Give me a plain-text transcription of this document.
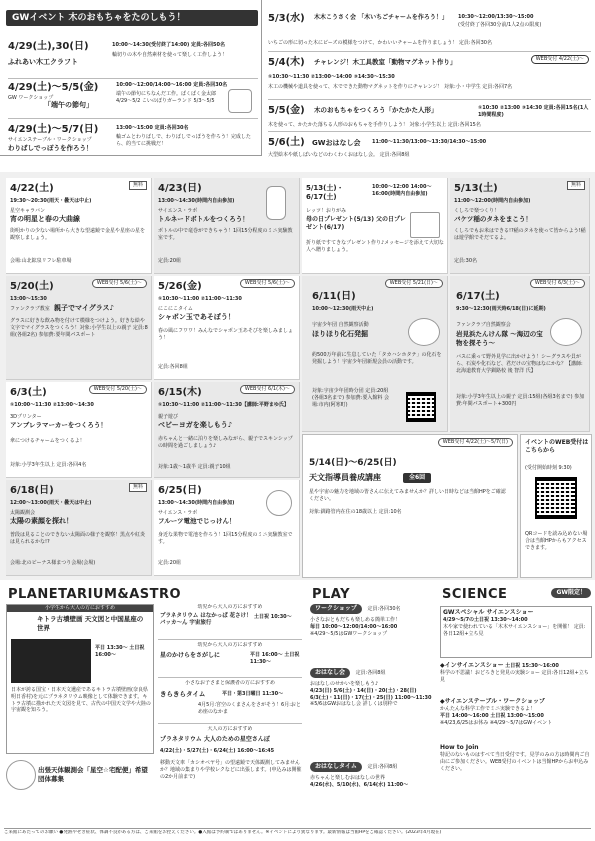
GWイベント 木のおもちゃをたのしもう！
4/29(土),30(日)
ふれあい木工クラフト
10:00～14:30(受付終了14:00) 定員:各回50名
輪切りの木や自然素材を使って楽しく工作しよう！
4/29(土)～5/5(金)
GW ワークショップ
「端午の節句」
10:00～12:00/14:00～16:00 定員:各回30名
端午の節句にちなんだ工作。ぱくぱく金太郎 4/29～5/2 こいのぼりガーランド 5/3～5/5
4/29(土)～5/7(日)
サイエンステーブル・ワークショップ
わりばしでっぽうを作ろう！
13:00～15:00 定員:各回30名
輪ゴムとわりばしで、わりばしでっぽうを作ろう！完成したら、的当てに挑戦だ！
5/3(水) 木木こうさく会 「木いちごチャームを作ろう！」	10:30～12:00/13:30～15:00
(受付終了各回30分前/1人2点の限度)
いちごの形に切った木にビーズの模様をつけて、かわいいチャームを作りましょう！ 定員:各回30名
5/4(木) チャレンジ！木工具教室「動物マグネット作り」	WEB受付 4/22(土)～
①10:30～11:30 ②13:00～14:00 ③14:30～15:30
木工の機械や道具を使って、木でできた動物マグネットを作りにチャレンジ！ 対象:小・中学生 定員:各回7名
5/5(金) 木のおもちゃをつくろう「かたかた人形」	①10:30 ②13:00 ③14:30 定員:各回15名(1人1時間程度)
木を使って、かたかた落ちる人形のおもちゃを手作りしよう！ 対象:小学生以上 定員:各回15名
5/6(土) GWおはなし会	11:00～11:30/13:00～13:30/14:30～15:00
大型絵本や紙しばいなどのわくわくおはなし会。 定員:各回8組
無料
4/22(土)
19:30～20:30(雨天・曇天は中止)
星空キャラバン
宵の明星と春の大曲線
街明かりの少ない場所から大きな望遠鏡で金星や星座の星を観察しましょう。
会場:山北鉱泉リフレ駐車場
4/23(日)
13:00～14:30(時間内自由参加)
サイエンス・ラボ
トルネードボトルをつくろう！
ボトルの中で竜巻ができちゃう！1回15分程度のミニ実験教室です。
定員:20組
5/13(土)・6/17(土)
10:00～12:00 14:00～16:00(時間内自由参加)
レッツ！おりがみ
母の日プレゼント(5/13) 父の日プレゼント(6/17)
折り紙ですてきなプレゼント作り♪メッセージを添えて大切な人へ贈りましょう。
無料
5/13(土)
11:00～12:00(時間内自由参加)
くしろで楽つくり！
バケツ稲のタネをまこう！
くしろでもお米はできる!?稲のタネを使って皆からよう!稲は遊学館でそだてるよ。
定員:30名
WEB受付 5/6(土)～
5/20(土)
13:00～15:30
ファンクラブ教室 親子でマイグラス♪
グラスに好きな飲み物を付けて模様をつけよう。好きな絵や文字でマイグラスをつくろう！対象:小学生以上の親子 定員:8組(各組2名) 参加費:要年間パスポート
WEB受付 5/6(土)～
5/26(金)
①10:30～11:00 ②11:00～11:30
にこにこタイム
シャボン玉であそぼう！
春の風にフワワ！みんなでシャボン玉あそびを楽しみましょう！
定員:各回8組
WEB受付 5/21(日)～
6/11(日)
10:00～12:30(雨天中止)
宇宙少年団 自然観察活動
ほりほり化石発掘
約500万年前に生息していた「タカハシホタテ」の化石を発掘しよう！宇宙少年団新規会員の活動です。
対象:宇宙少年団時分団 定員:20組(各組3名まで) 参加費:要入館料 会場:市内(阿寒町)
WEB受付 6/3(土)～
6/17(土)
9:30～12:30(雨天時6/18(日)に延期)
ファンクラブ自然観察会
岩見浜たんけん隊 ～海辺の宝物を探そう～
バスに乗って野外見学に出かけよう！シーグラスや貝がら、石炭や化石など、君だけの宝物はなにかな？【講師:北海道教育大学釧路校 後 智洋 氏】
対象:小学3年生以上の親子 定員:15組(各組3名まで) 参加費:年間パスポート+300円
WEB受付 5/20(土)～
6/3(土)
①10:00～11:30 ②13:00～14:30
3Dプリンター
アンブレラマーカーをつくろう！
傘につけるチャームをつくるよ！
対象:小学3年生以上 定員:各回4名
WEB受付 6/1(木)～
6/15(木)
①10:30～11:00 ②11:00～11:30【講師:平野まゆ氏】
親子遊び
ベビーヨガを楽しもう♪
赤ちゃんと一緒に泊りを楽しみながら、親子でスキンシップの時間を過ごしましょう♪
対象:1歳～1歳半 定員:親子10組
無料
6/18(日)
12:00～13:00(雨天・曇天は中止)
太陽観測会
太陽の素顔を探れ！
普段は見ることのできない太陽面の様子を観察！黒点や紅炎は見られるかな!?
会場:北のビーナス様まつり会場(会場)
6/25(日)
13:00～14:30(時間内自由参加)
サイエンス・ラボ
フルーツ電池でじっけん！
身近な果物で電池を作ろう！1回15分程度のミニ実験教室です。
定員:20組
WEB受付 4/22(土)～5/7(日)
5/14(日)～6/25(日)
天文指導員養成講座	全6回
星や宇宙の魅力を地域の皆さんに伝えてみませんか？詳しい日時などは当館HPをご確認ください。
対象:釧路管内在住の18歳以上 定員:10名
イベントのWEB受付はこちらから
(受付開始時刻 9:30)
QRコードを読み込めない場合は当館HPからもアクセスできます。
PLANETARIUM&ASTRO
小学生から大人の方におすすめ
キトラ古墳壁画 天文図と中国星座の世界
平日 13:30～ 土日祝 16:00～
日本が誇る国宝・日本天文遺産であるキトラ古墳壁画(奈良県明日香村)を元にプラネタリウム映像として体験できます。キトラ古墳に描かれた天文図を見て、古代の中国天文学や大陸の宇宙観を知ろう。
出張天体観測会「星空☆宅配便」希望団体募集
幼児から大人の方におすすめ
プラネタリウム はなかっぱ 花さけ！パッカ～ん 宇宙旅行
土日祝 10:30～
幼児から大人の方におすすめ
星のかけらをさがしに	平日 16:00～ 土日祝 11:30～
小さなお子さまと保護者の方におすすめ
きらきらタイム	平日・第3日曜日 11:30～
4月5月:宮空のくまさんをさがそう！6月:おとめ座のなかま
大人の方におすすめ
プラネタリウム 大人のための星空さんぽ
4/22(土)・5/27(土)・6/24(土) 16:00～16:45
移動天文車「カシオペヤ号」の望遠鏡で天体観測してみませんか？地域の集まりや学校レクなどに出張します。(申込みは開催の2か月前まで)
PLAY
ワークショップ 定員:各回30名
小さなおともだちも楽しめる簡単工作！
毎日 10:00～12:00/14:00～16:00
※4/29～5/5はGWワークショップ
おはなし会 定員:各回8組
おはなしのせかいを楽しもう♪
4/23(日) 5/6(土)・14(日)・20(土)・28(日) 6/3(土)・11(日)・17(土)・25(日) 11:00～11:30
※5/6はGWおはなし会 詳しくは別枠で
おはなしタイム 定員:各回8組
赤ちゃんと楽しむおはなしの世界
4/26(水)、5/10(水)、6/14(水) 11:00～
SCIENCE	GW限定！
GWスペシャル サイエンスショー
4/29～5/7の土日祝 13:30～14:00
木や家で使われている「木木サイエンスショー」を開催！ 定員:各日12組+立ち見
◆インサイエンスショー 土日祝 15:30～16:00
科学の不思議！おどろきと発見の実験ショー 定員:各日12組+立ち見
◆サイエンステーブル・ワークショップ
かんたんな科学工作でミニ実験できるよ！
平日 14:00～16:00 土日祝 13:00～15:00
※4/23,6/25はお休み ※4/29～5/7はGWイベント
How to Join
特記のないものはすべて当日受付です。見学のみの方は時間内ご自由にご参加ください。WEB受付のイベントは当館HPからお申込みください。
ご来館にあたってのお願い ●発熱やせき症状、体調不良がある方は、ご来館をお控えください。●入館は予約制ではありません。※イベントにより異なります。最新情報は当館HPをご確認ください。(2023年4月現在)
